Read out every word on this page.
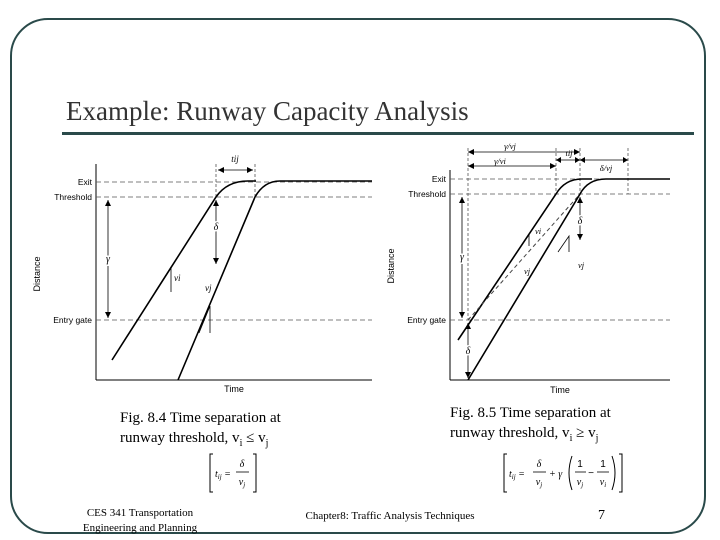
Example: Runway Capacity Analysis
Exit
Threshold
Entry gate
Distance
Time
tij
δ
γ
vi
vj
Exit
Threshold
Entry gate
Distance
Time
γ/vj
γ/vi
tij
δ/vj
δ
δ
γ
vi
vj
vj
Fig. 8.4 Time separation at
runway threshold, $v_i \le v_j$
Fig. 8.5 Time separation at
runway threshold, $v_i \ge v_j$
$t_{ij}$ =
δ
$v_j$
$t_{ij}$ =
δ
$v_j$
+ γ
1
$v_j$
−
1
$v_i$
CES 341 Transportation
Engineering and Planning
Chapter8: Traffic Analysis Techniques	7
